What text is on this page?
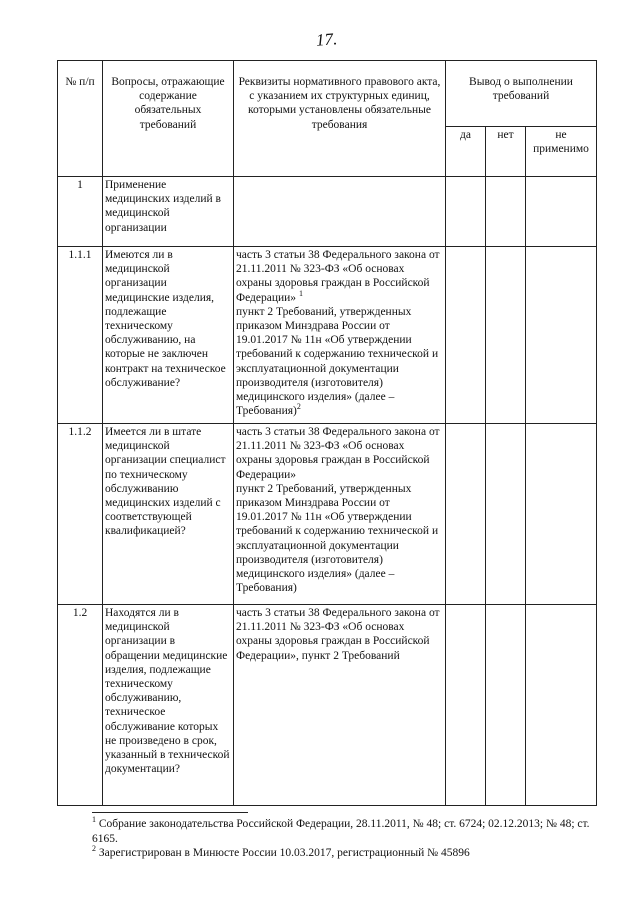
17.
№ п/п	Вопросы, отражающие содержание обязательных требований	Реквизиты нормативного правового акта, с указанием их структурных единиц, которыми установлены обязательные требования	Вывод о выполнении требований		
			да	нет	не применимо
1	Применение медицинских изделий в медицинской организации				
1.1.1	Имеются ли в медицинской организации медицинские изделия, подлежащие техническому обслуживанию, на которые не заключен контракт на техническое обслуживание?	часть 3 статьи 38 Федерального закона от 21.11.2011 № 323-ФЗ «Об основах охраны здоровья граждан в Российской Федерации» $^1$
пункт 2 Требований, утвержденных приказом Минздрава России от 19.01.2017 № 11н «Об утверждении требований к содержанию технической и эксплуатационной документации производителя (изготовителя) медицинского изделия» (далее – Требования)$^2$			
1.1.2	Имеется ли в штате медицинской организации специалист по техническому обслуживанию медицинских изделий с соответствующей квалификацией?	часть 3 статьи 38 Федерального закона от 21.11.2011 № 323-ФЗ «Об основах охраны здоровья граждан в Российской Федерации»
пункт 2 Требований, утвержденных приказом Минздрава России от 19.01.2017 № 11н «Об утверждении требований к содержанию технической и эксплуатационной документации производителя (изготовителя) медицинского изделия» (далее – Требования)			
1.2	Находятся ли в медицинской организации в обращении медицинские изделия, подлежащие техническому обслуживанию, техническое обслуживание которых не произведено в срок, указанный в технической документации?	часть 3 статьи 38 Федерального закона от 21.11.2011 № 323-ФЗ «Об основах охраны здоровья граждан в Российской Федерации», пункт 2 Требований			

$^1$ Собрание законодательства Российской Федерации, 28.11.2011, № 48; ст. 6724; 02.12.2013; № 48; ст. 6165.

$^2$ Зарегистрирован в Минюсте России 10.03.2017, регистрационный № 45896
